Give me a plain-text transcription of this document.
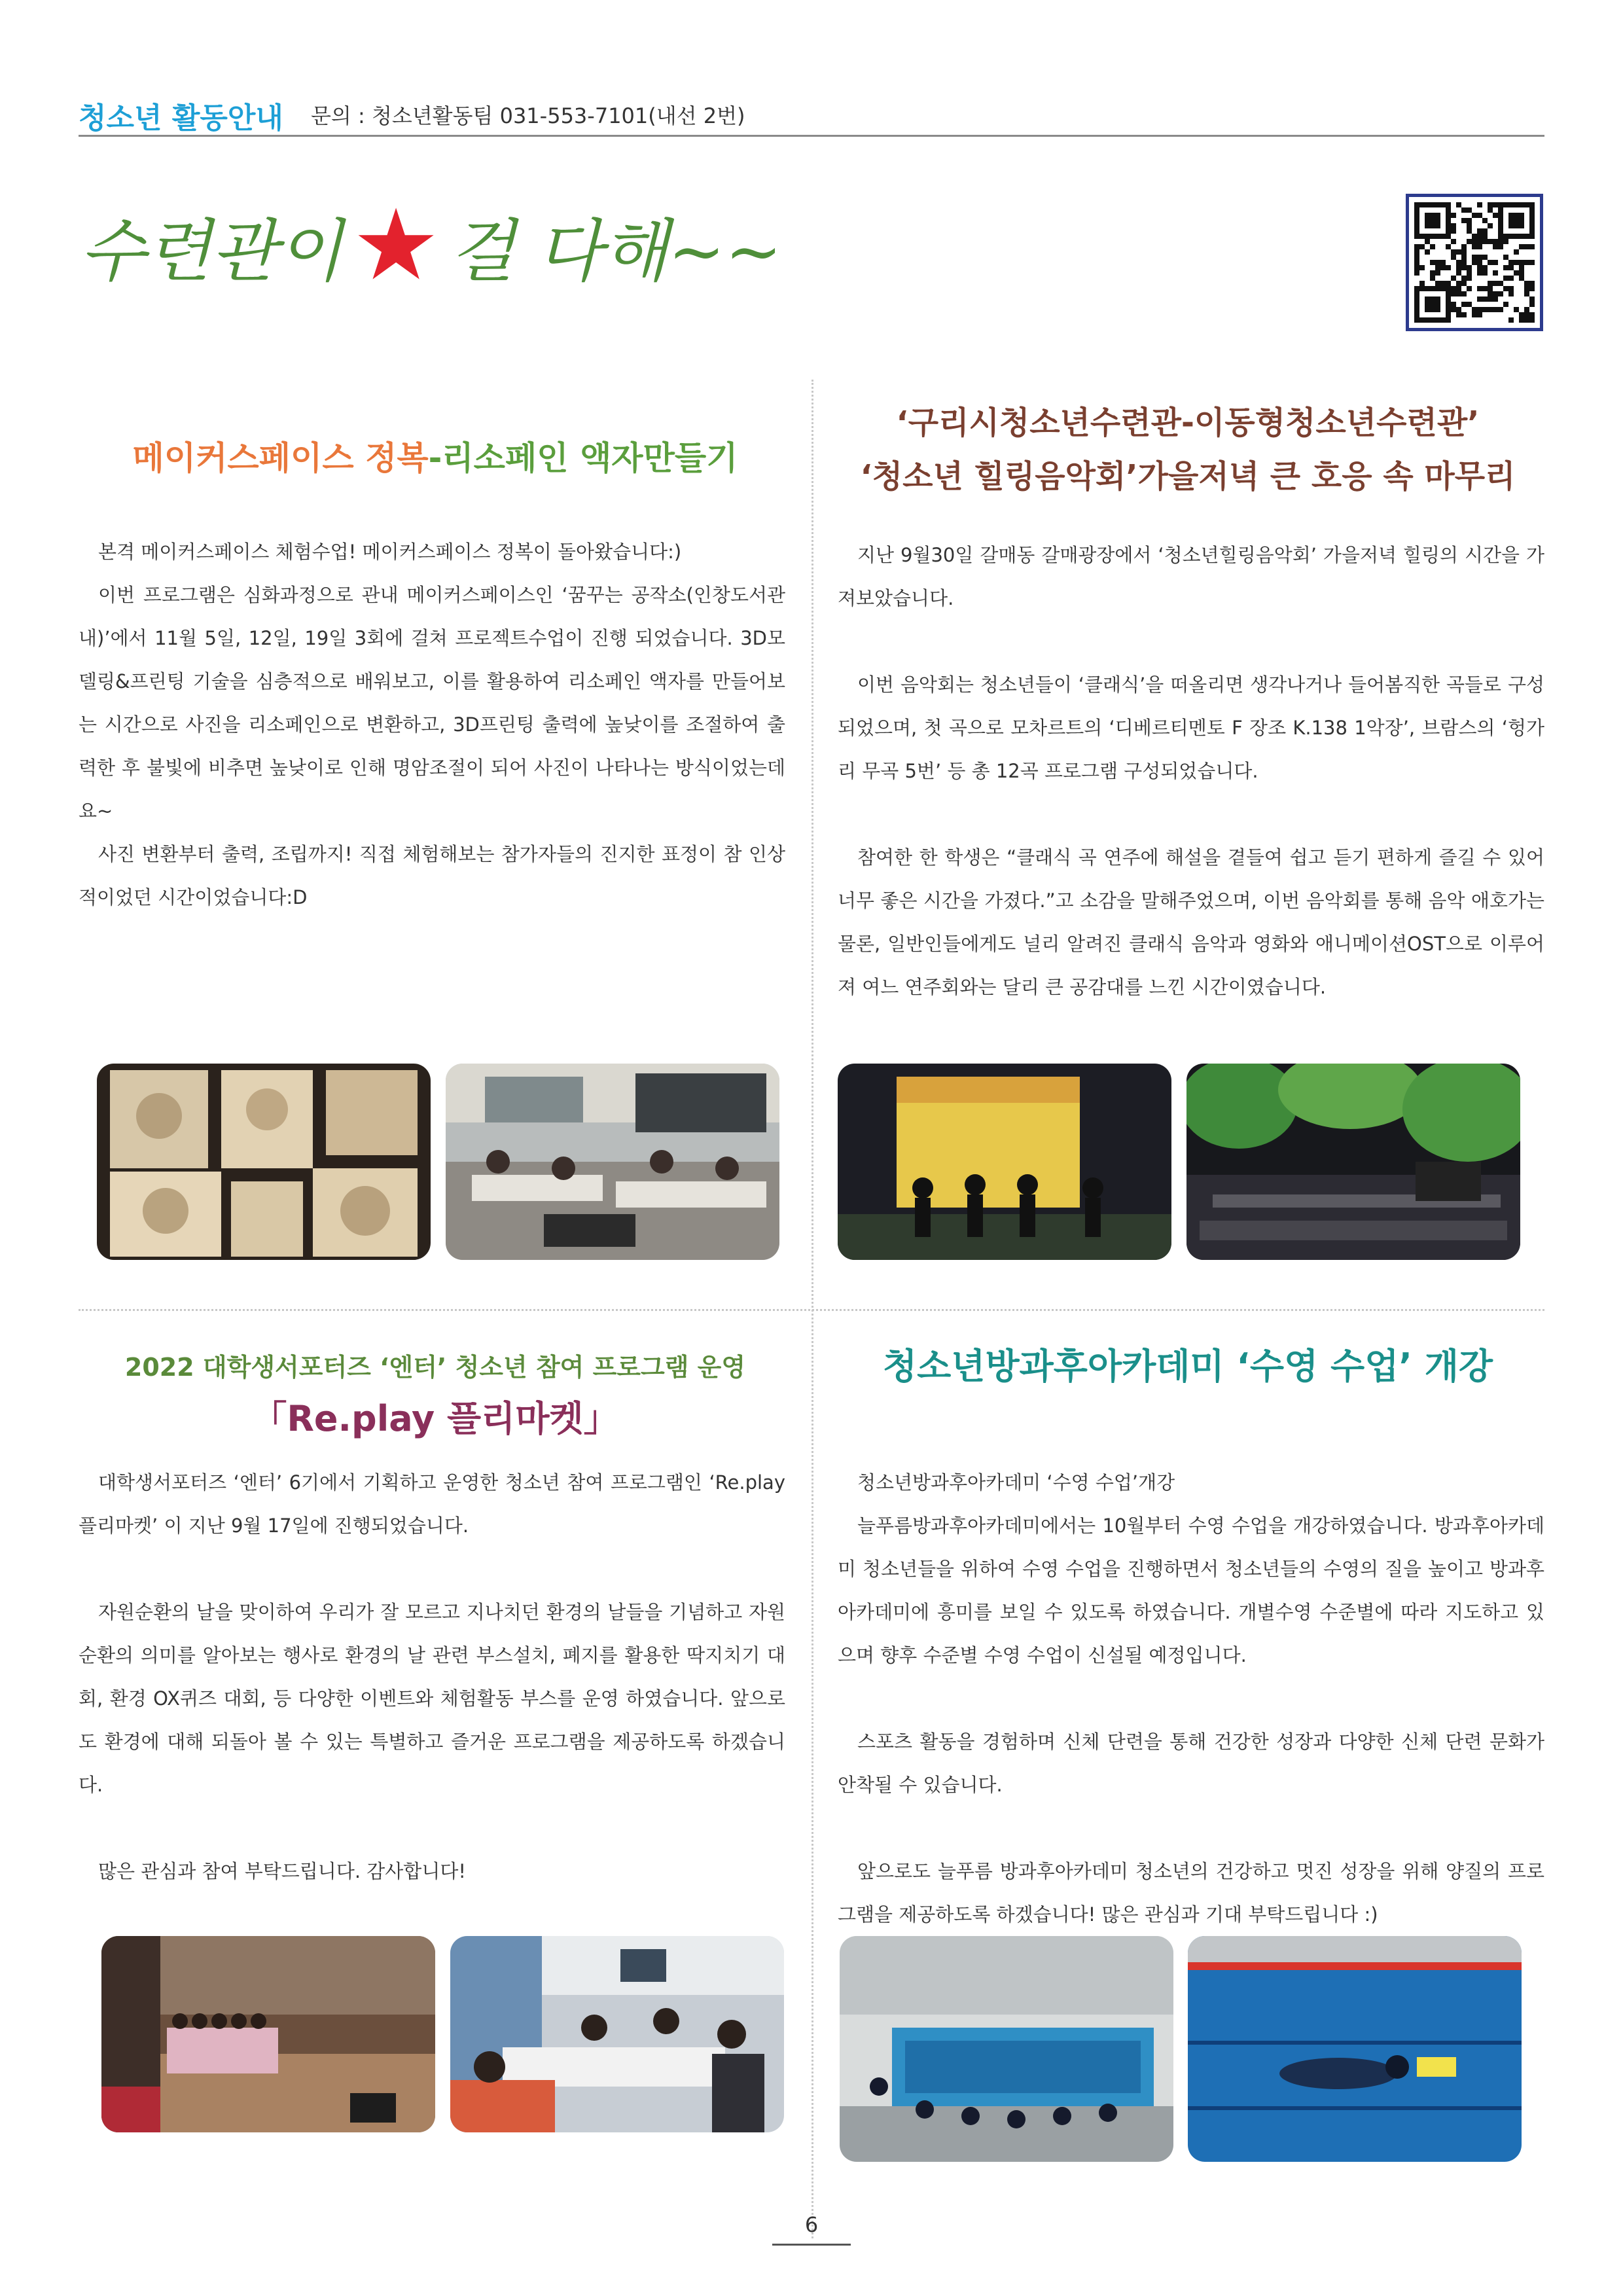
청소년 활동안내 문의 : 청소년활동팀 031-553-7101(내선 2번)
수련관이 ★ 걸 다해~~
메이커스페이스 정복-리소페인 액자만들기

본격 메이커스페이스 체험수업! 메이커스페이스 정복이 돌아왔습니다:)

이번 프로그램은 심화과정으로 관내 메이커스페이스인 ‘꿈꾸는 공작소(인창도서관 내)’에서 11월 5일, 12일, 19일 3회에 걸쳐 프로젝트수업이 진행 되었습니다. 3D모델링&프린팅 기술을 심층적으로 배워보고, 이를 활용하여 리소페인 액자를 만들어보는 시간으로 사진을 리소페인으로 변환하고, 3D프린팅 출력에 높낮이를 조절하여 출력한 후 불빛에 비추면 높낮이로 인해 명암조절이 되어 사진이 나타나는 방식이었는데요~

사진 변환부터 출력, 조립까지! 직접 체험해보는 참가자들의 진지한 표정이 참 인상적이었던 시간이었습니다:D

‘구리시청소년수련관-이동형청소년수련관’
‘청소년 힐링음악회’가을저녁 큰 호응 속 마무리

지난 9월30일 갈매동 갈매광장에서 ‘청소년힐링음악회’ 가을저녁 힐링의 시간을 가져보았습니다.

이번 음악회는 청소년들이 ‘클래식’을 떠올리면 생각나거나 들어봄직한 곡들로 구성되었으며, 첫 곡으로 모차르트의 ‘디베르티멘토 F 장조 K.138 1악장’, 브람스의 ‘헝가리 무곡 5번’ 등 총 12곡 프로그램 구성되었습니다.

참여한 한 학생은 “클래식 곡 연주에 해설을 곁들여 쉽고 듣기 편하게 즐길 수 있어 너무 좋은 시간을 가졌다.”고 소감을 말해주었으며, 이번 음악회를 통해 음악 애호가는 물론, 일반인들에게도 널리 알려진 클래식 음악과 영화와 애니메이션OST으로 이루어져 여느 연주회와는 달리 큰 공감대를 느낀 시간이였습니다.

2022 대학생서포터즈 ‘엔터’ 청소년 참여 프로그램 운영
「Re.play 플리마켓」

대학생서포터즈 ‘엔터’ 6기에서 기획하고 운영한 청소년 참여 프로그램인 ‘Re.play 플리마켓’ 이 지난 9월 17일에 진행되었습니다.

자원순환의 날을 맞이하여 우리가 잘 모르고 지나치던 환경의 날들을 기념하고 자원순환의 의미를 알아보는 행사로 환경의 날 관련 부스설치, 폐지를 활용한 딱지치기 대회, 환경 OX퀴즈 대회, 등 다양한 이벤트와 체험활동 부스를 운영 하였습니다. 앞으로도 환경에 대해 되돌아 볼 수 있는 특별하고 즐거운 프로그램을 제공하도록 하겠습니다.

많은 관심과 참여 부탁드립니다. 감사합니다!

청소년방과후아카데미 ‘수영 수업’ 개강

청소년방과후아카데미 ‘수영 수업’개강

늘푸름방과후아카데미에서는 10월부터 수영 수업을 개강하였습니다. 방과후아카데미 청소년들을 위하여 수영 수업을 진행하면서 청소년들의 수영의 질을 높이고 방과후아카데미에 흥미를 보일 수 있도록 하였습니다. 개별수영 수준별에 따라 지도하고 있으며 향후 수준별 수영 수업이 신설될 예정입니다.

스포츠 활동을 경험하며 신체 단련을 통해 건강한 성장과 다양한 신체 단련 문화가 안착될 수 있습니다.

앞으로도 늘푸름 방과후아카데미 청소년의 건강하고 멋진 성장을 위해 양질의 프로그램을 제공하도록 하겠습니다! 많은 관심과 기대 부탁드립니다 :)

6
